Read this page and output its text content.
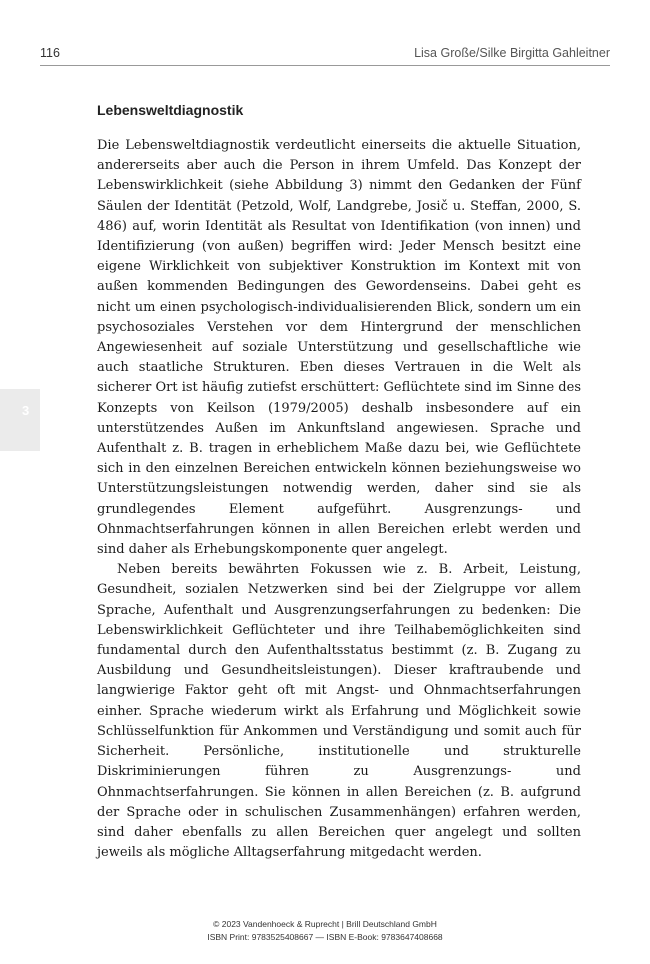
116	Lisa Große/Silke Birgitta Gahleitner
3
Lebensweltdiagnostik

Die Lebensweltdiagnostik verdeutlicht einerseits die aktuelle Situation, andererseits aber auch die Person in ihrem Umfeld. Das Konzept der Lebenswirklichkeit (siehe Abbildung 3) nimmt den Gedanken der Fünf Säulen der Identität (Petzold, Wolf, Landgrebe, Josič u. Steffan, 2000, S. 486) auf, worin Identität als Resultat von Identifikation (von innen) und Identifizierung (von außen) begriffen wird: Jeder Mensch besitzt eine eigene Wirklichkeit von subjektiver Konstruktion im Kontext mit von außen kommenden Bedingungen des Gewordenseins. Dabei geht es nicht um einen psychologisch-individualisierenden Blick, sondern um ein psychosoziales Verstehen vor dem Hintergrund der menschlichen Angewiesenheit auf soziale Unterstützung und gesellschaftliche wie auch staatliche Strukturen. Eben dieses Vertrauen in die Welt als sicherer Ort ist häufig zutiefst erschüttert: Geflüchtete sind im Sinne des Konzepts von Keilson (1979/2005) deshalb insbesondere auf ein unterstützendes Außen im Ankunftsland angewiesen. Sprache und Aufenthalt z. B. tragen in erheblichem Maße dazu bei, wie Geflüchtete sich in den einzelnen Bereichen entwickeln können beziehungsweise wo Unterstützungsleistungen notwendig werden, daher sind sie als grundlegendes Element aufgeführt. Ausgrenzungs- und Ohnmachtserfahrungen können in allen Bereichen erlebt werden und sind daher als Erhebungskomponente quer angelegt.

Neben bereits bewährten Fokussen wie z. B. Arbeit, Leistung, Gesundheit, sozialen Netzwerken sind bei der Zielgruppe vor allem Sprache, Aufenthalt und Ausgrenzungserfahrungen zu bedenken: Die Lebenswirklichkeit Geflüchteter und ihre Teilhabemöglichkeiten sind fundamental durch den Aufenthaltsstatus bestimmt (z. B. Zugang zu Ausbildung und Gesundheitsleistungen). Dieser kraftraubende und langwierige Faktor geht oft mit Angst- und Ohnmachtserfahrungen einher. Sprache wiederum wirkt als Erfahrung und Möglichkeit sowie Schlüsselfunktion für Ankommen und Verständigung und somit auch für Sicherheit. Persönliche, institutionelle und strukturelle Diskriminierungen führen zu Ausgrenzungs- und Ohnmachtserfahrungen. Sie können in allen Bereichen (z. B. aufgrund der Sprache oder in schulischen Zusammenhängen) erfahren werden, sind daher ebenfalls zu allen Bereichen quer angelegt und sollten jeweils als mögliche Alltagserfahrung mitgedacht werden.

© 2023 Vandenhoeck & Ruprecht | Brill Deutschland GmbH
ISBN Print: 9783525408667 — ISBN E-Book: 9783647408668
